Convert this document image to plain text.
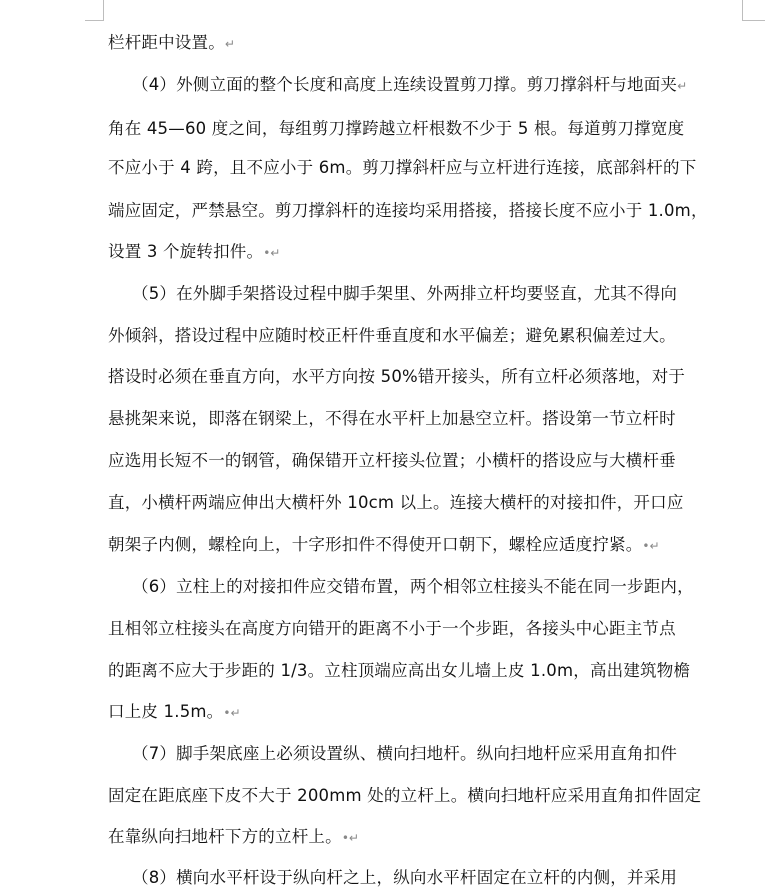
栏杆距中设置。↵
（4）外侧立面的整个长度和高度上连续设置剪刀撑。剪刀撑斜杆与地面夹↵
角在 45—60 度之间，每组剪刀撑跨越立杆根数不少于 5 根。每道剪刀撑宽度
不应小于 4 跨，且不应小于 6m。剪刀撑斜杆应与立杆进行连接，底部斜杆的下
端应固定，严禁悬空。剪刀撑斜杆的连接均采用搭接，搭接长度不应小于 1.0m，
设置 3 个旋转扣件。•↵
（5）在外脚手架搭设过程中脚手架里、外两排立杆均要竖直，尤其不得向
外倾斜，搭设过程中应随时校正杆件垂直度和水平偏差；避免累积偏差过大。
搭设时必须在垂直方向，水平方向按 50%错开接头，所有立杆必须落地，对于
悬挑架来说，即落在钢梁上，不得在水平杆上加悬空立杆。搭设第一节立杆时
应选用长短不一的钢管，确保错开立杆接头位置；小横杆的搭设应与大横杆垂
直，小横杆两端应伸出大横杆外 10cm 以上。连接大横杆的对接扣件，开口应
朝架子内侧，螺栓向上，十字形扣件不得使开口朝下，螺栓应适度拧紧。•↵
（6）立柱上的对接扣件应交错布置，两个相邻立柱接头不能在同一步距内，
且相邻立柱接头在高度方向错开的距离不小于一个步距，各接头中心距主节点
的距离不应大于步距的 1/3。立柱顶端应高出女儿墙上皮 1.0m，高出建筑物檐
口上皮 1.5m。•↵
（7）脚手架底座上必须设置纵、横向扫地杆。纵向扫地杆应采用直角扣件
固定在距底座下皮不大于 200mm 处的立杆上。横向扫地杆应采用直角扣件固定
在靠纵向扫地杆下方的立杆上。•↵
（8）横向水平杆设于纵向杆之上，纵向水平杆固定在立杆的内侧，并采用
